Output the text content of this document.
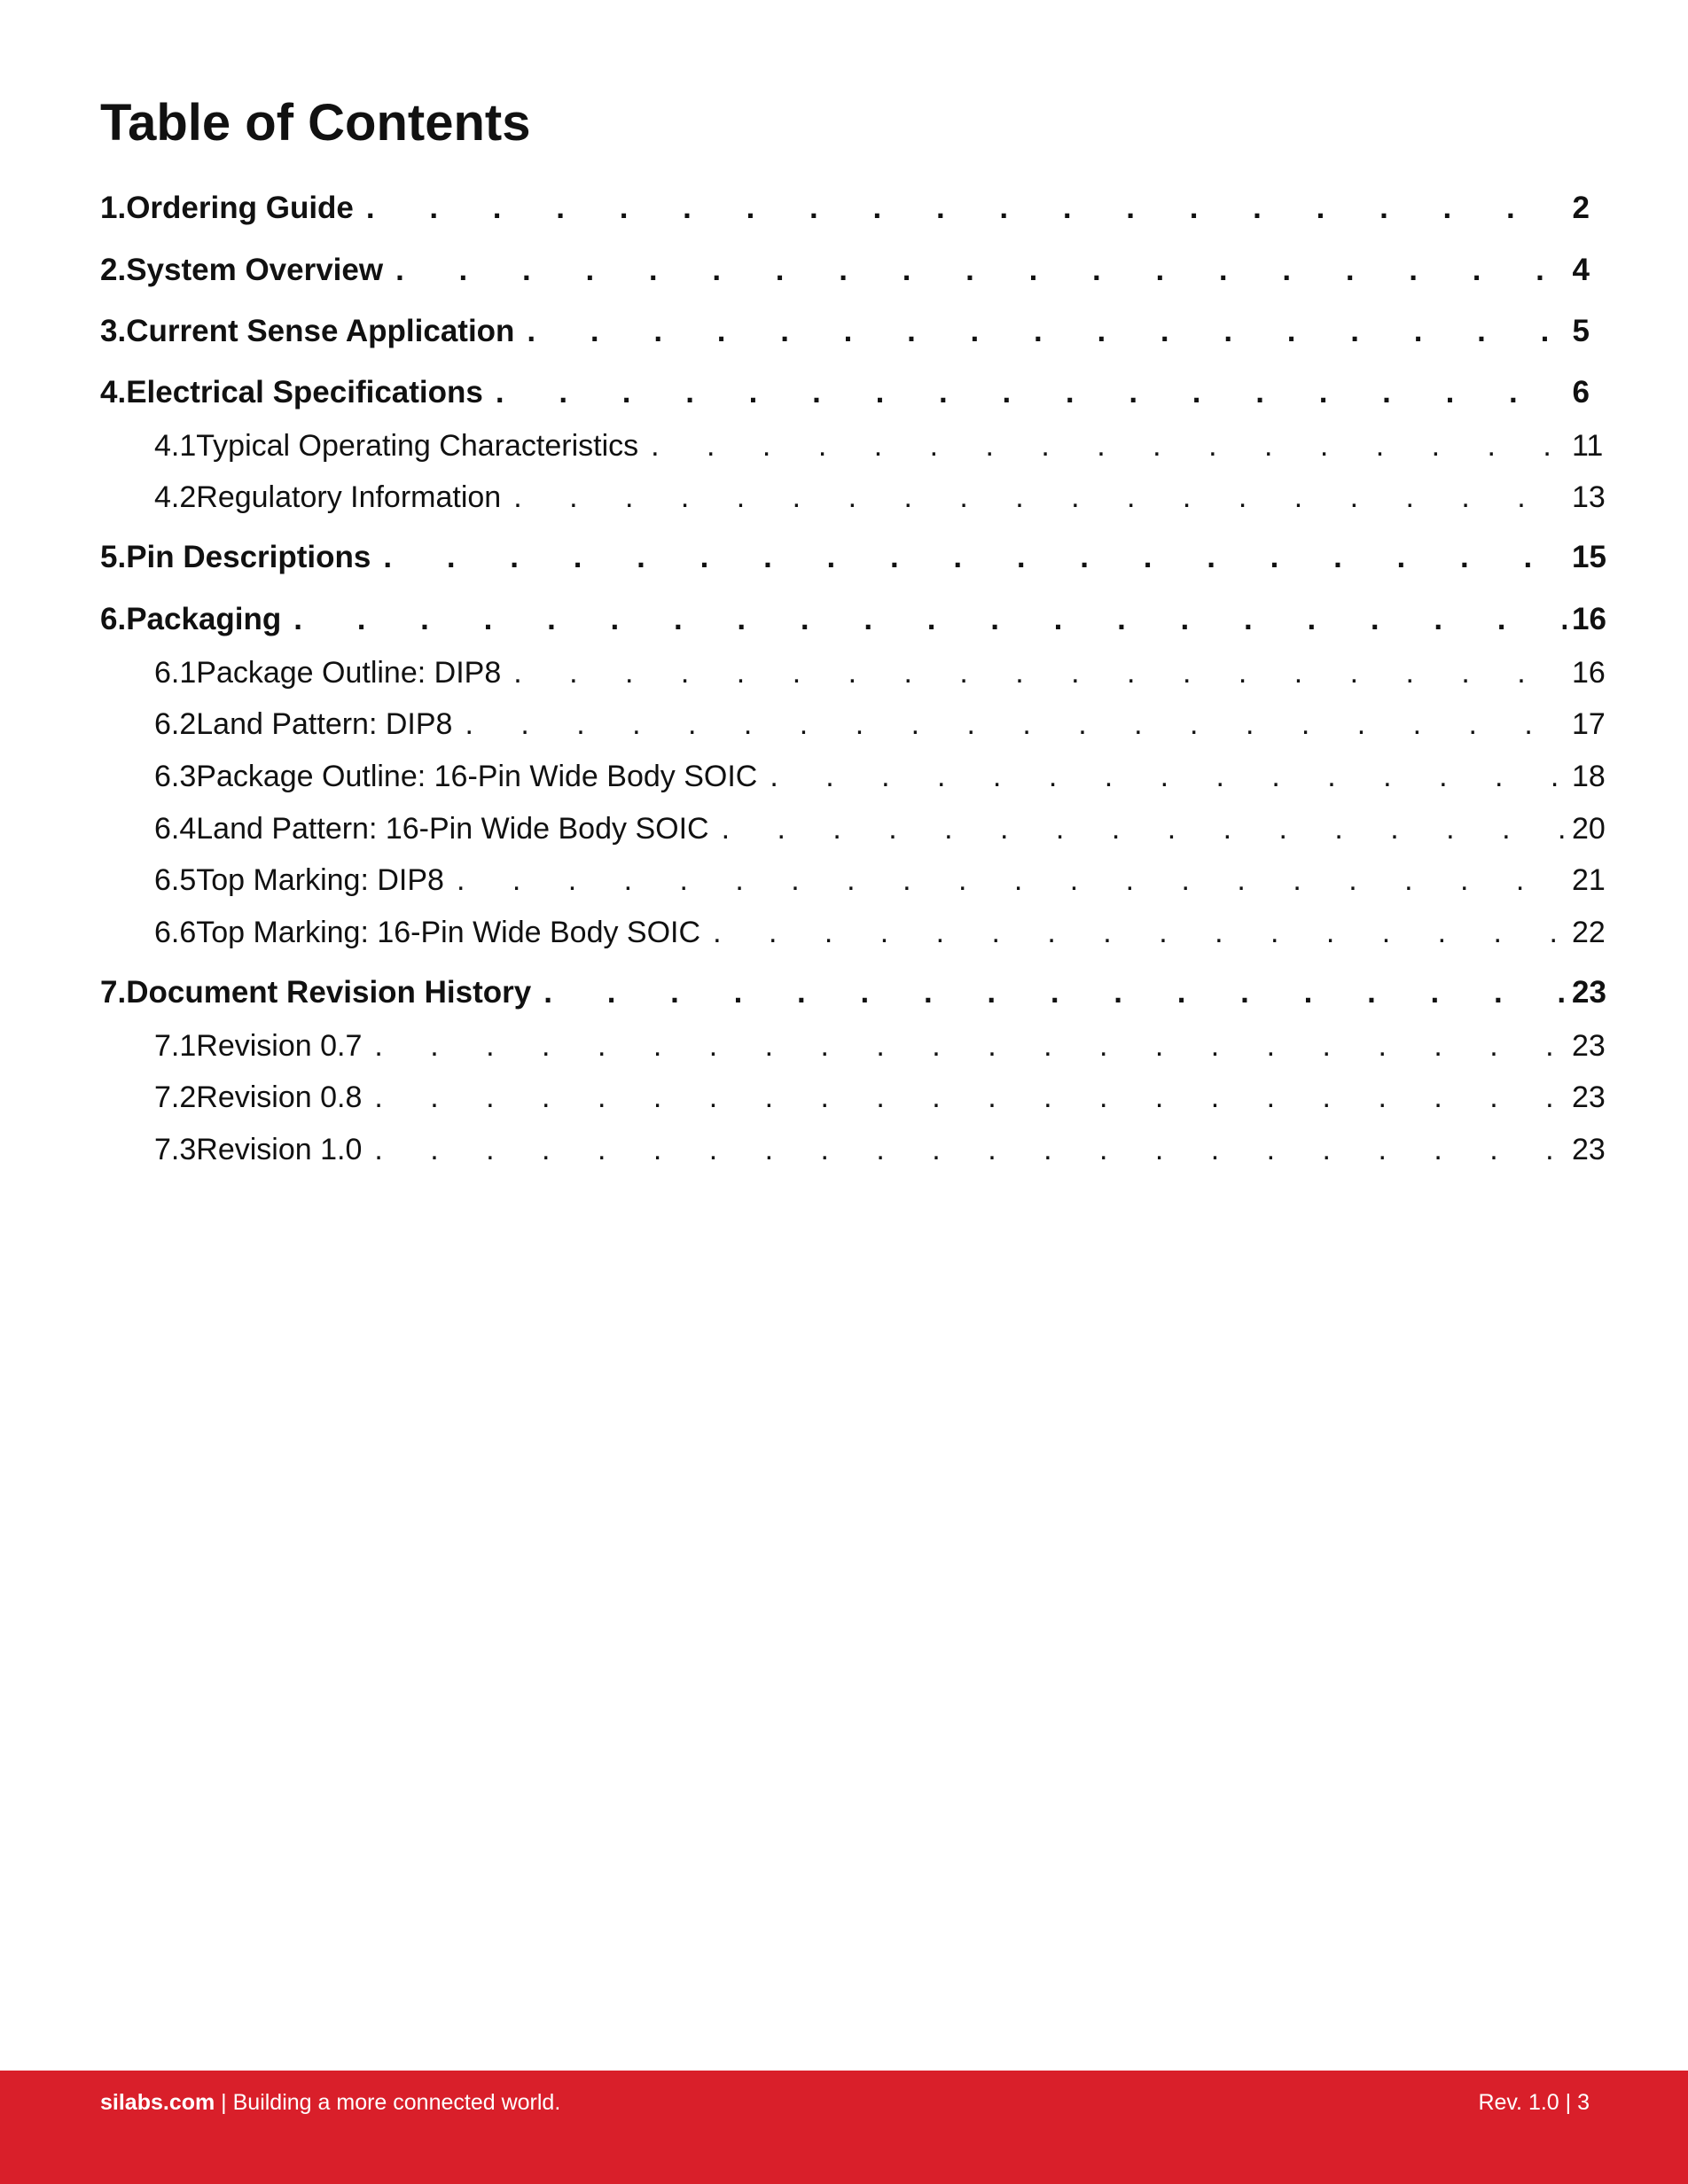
Table of Contents
1. Ordering Guide . . .	2
2. System Overview . . .	4
3. Current Sense Application . . .	5
4. Electrical Specifications . . .	6
4.1 Typical Operating Characteristics . . .	11
4.2 Regulatory Information . . .	13
5. Pin Descriptions . . .	15
6. Packaging . . .	16
6.1 Package Outline: DIP8 . . .	16
6.2 Land Pattern: DIP8 . . .	17
6.3 Package Outline: 16-Pin Wide Body SOIC . . .	18
6.4 Land Pattern: 16-Pin Wide Body SOIC . . .	20
6.5 Top Marking: DIP8 . . .	21
6.6 Top Marking: 16-Pin Wide Body SOIC . . .	22
7. Document Revision History . . .	23
7.1 Revision 0.7 . . .	23
7.2 Revision 0.8 . . .	23
7.3 Revision 1.0 . . .	23
silabs.com | Building a more connected world.	Rev. 1.0 | 3
